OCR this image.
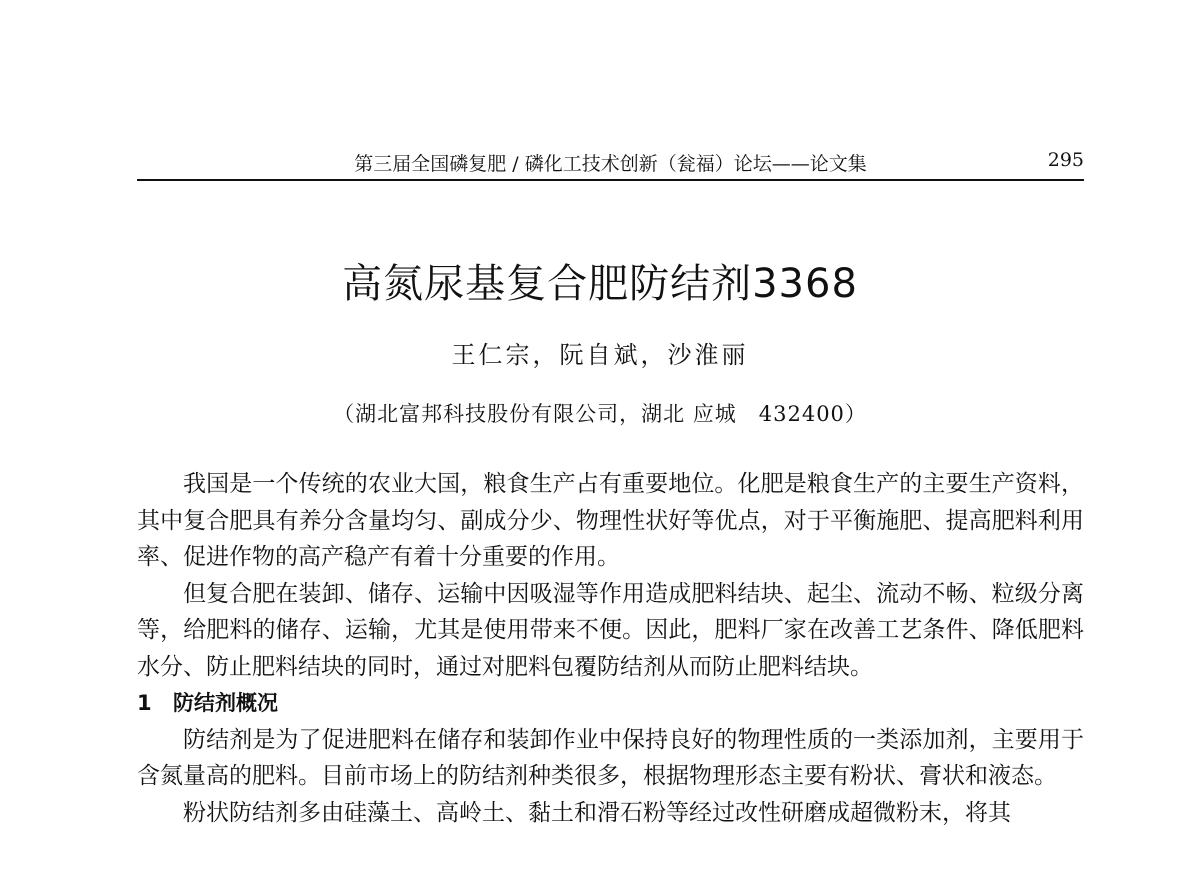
第三届全国磷复肥 / 磷化工技术创新（瓮福）论坛——论文集	295
高氮尿基复合肥防结剂3368
王仁宗，阮自斌，沙淮丽
（湖北富邦科技股份有限公司，湖北 应城　432400）

我国是一个传统的农业大国，粮食生产占有重要地位。化肥是粮食生产的主要生产资料，其中复合肥具有养分含量均匀、副成分少、物理性状好等优点，对于平衡施肥、提高肥料利用率、促进作物的高产稳产有着十分重要的作用。

但复合肥在装卸、储存、运输中因吸湿等作用造成肥料结块、起尘、流动不畅、粒级分离等，给肥料的储存、运输，尤其是使用带来不便。因此，肥料厂家在改善工艺条件、降低肥料水分、防止肥料结块的同时，通过对肥料包覆防结剂从而防止肥料结块。

1 防结剂概况

防结剂是为了促进肥料在储存和装卸作业中保持良好的物理性质的一类添加剂，主要用于含氮量高的肥料。目前市场上的防结剂种类很多，根据物理形态主要有粉状、膏状和液态。

粉状防结剂多由硅藻土、高岭土、黏土和滑石粉等经过改性研磨成超微粉末，将其
